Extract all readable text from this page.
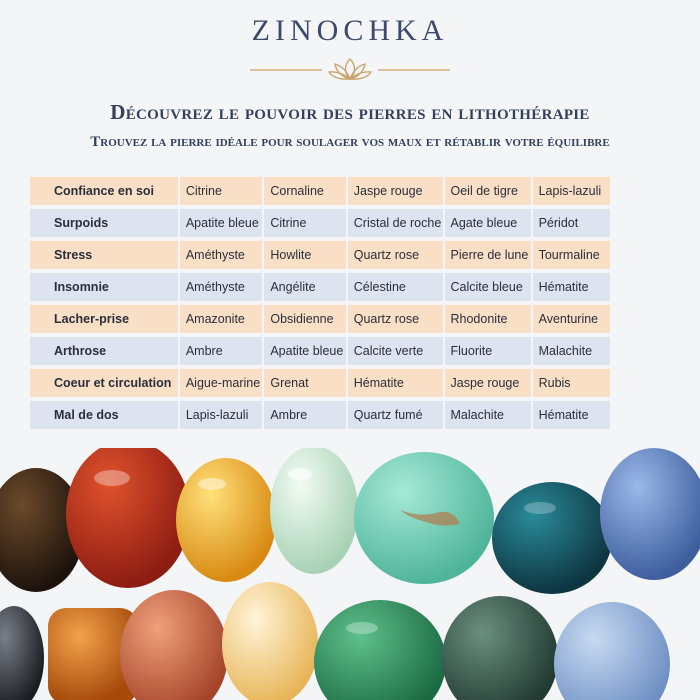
ZINOCHKA
Découvrez le pouvoir des pierres en lithothérapie
Trouvez la pierre idéale pour soulager vos maux et rétablir votre équilibre
Confiance en soi	Citrine	Cornaline	Jaspe rouge	Oeil de tigre	Lapis-lazuli
Surpoids	Apatite bleue	Citrine	Cristal de roche	Agate bleue	Péridot
Stress	Améthyste	Howlite	Quartz rose	Pierre de lune	Tourmaline
Insomnie	Améthyste	Angélite	Célestine	Calcite bleue	Hématite
Lacher-prise	Amazonite	Obsidienne	Quartz rose	Rhodonite	Aventurine
Arthrose	Ambre	Apatite bleue	Calcite verte	Fluorite	Malachite
Coeur et circulation	Aigue-marine	Grenat	Hématite	Jaspe rouge	Rubis
Mal de dos	Lapis-lazuli	Ambre	Quartz fumé	Malachite	Hématite
